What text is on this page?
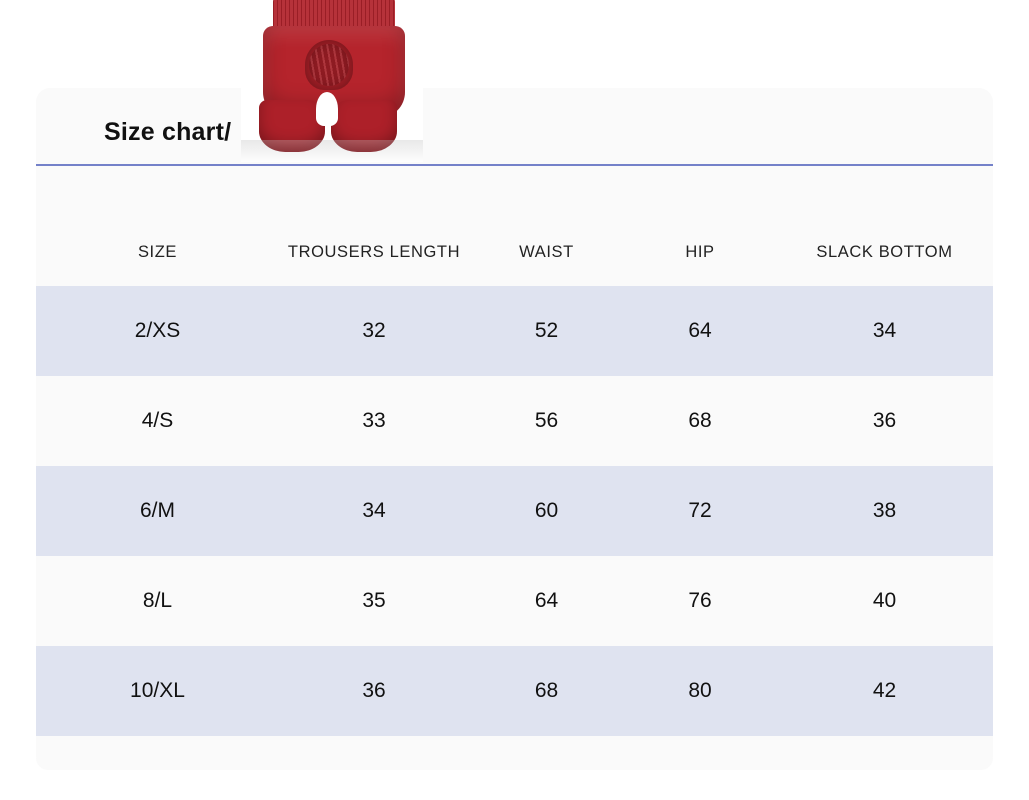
Size chart/
SIZE	TROUSERS LENGTH	WAIST	HIP	SLACK BOTTOM
2/XS	32	52	64	34
4/S	33	56	68	36
6/M	34	60	72	38
8/L	35	64	76	40
10/XL	36	68	80	42
